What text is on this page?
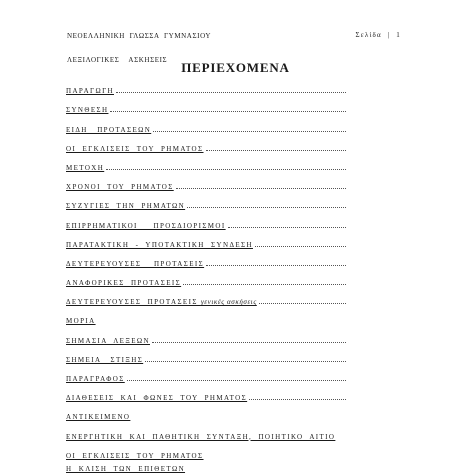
ΝΕΟΕΛΛΗΝΙΚΗ  ΓΛΩΣΣΑ  ΓΥΜΝΑΣΙΟΥ

ΛΕΞΙΛΟΓΙΚΕΣ    ΑΣΚΗΣΕΙΣ

Σελίδα  |  1
ΠΕΡΙΕΧΟΜΕΝΑ
ΠΑΡΑΓΩΓΗ
ΣΥΝΘΕΣΗ
ΕΙΔΗ   ΠΡΟΤΑΣΕΩΝ
ΟΙ  ΕΓΚΛΙΣΕΙΣ  ΤΟΥ  ΡΗΜΑΤΟΣ
ΜΕΤΟΧΗ
ΧΡΟΝΟΙ  ΤΟΥ  ΡΗΜΑΤΟΣ
ΣΥΖΥΓΙΕΣ  ΤΗΝ  ΡΗΜΑΤΩΝ
ΕΠΙΡΡΗΜΑΤΙΚΟΙ     ΠΡΟΣΔΙΟΡΙΣΜΟΙ
ΠΑΡΑΤΑΚΤΙΚΗ  -  ΥΠΟΤΑΚΤΙΚΗ  ΣΥΝΔΕΣΗ
ΔΕΥΤΕΡΕΥΟΥΣΕΣ    ΠΡΟΤΑΣΕΙΣ
ΑΝΑΦΟΡΙΚΕΣ  ΠΡΟΤΑΣΕΙΣ
ΔΕΥΤΕΡΕΥΟΥΣΕΣ  ΠΡΟΤΑΣΕΙΣ γενικές ασκήσεις
ΜΟΡΙΑ
ΣΗΜΑΣΙΑ  ΛΕΞΕΩΝ
ΣΗΜΕΙΑ   ΣΤΙΞΗΣ
ΠΑΡΑΓΡΑΦΟΣ
ΔΙΑΘΕΣΕΙΣ  ΚΑΙ  ΦΩΝΕΣ  ΤΟΥ  ΡΗΜΑΤΟΣ
ΑΝΤΙΚΕΙΜΕΝΟ
ΕΝΕΡΓΗΤΙΚΗ  ΚΑΙ  ΠΑΘΗΤΙΚΗ  ΣΥΝΤΑΞΗ,  ΠΟΙΗΤΙΚΟ  ΑΙΤΙΟ
ΟΙ  ΕΓΚΛΙΣΕΙΣ  ΤΟΥ  ΡΗΜΑΤΟΣ
Η  ΚΛΙΣΗ  ΤΩΝ  ΕΠΙΘΕΤΩΝ
